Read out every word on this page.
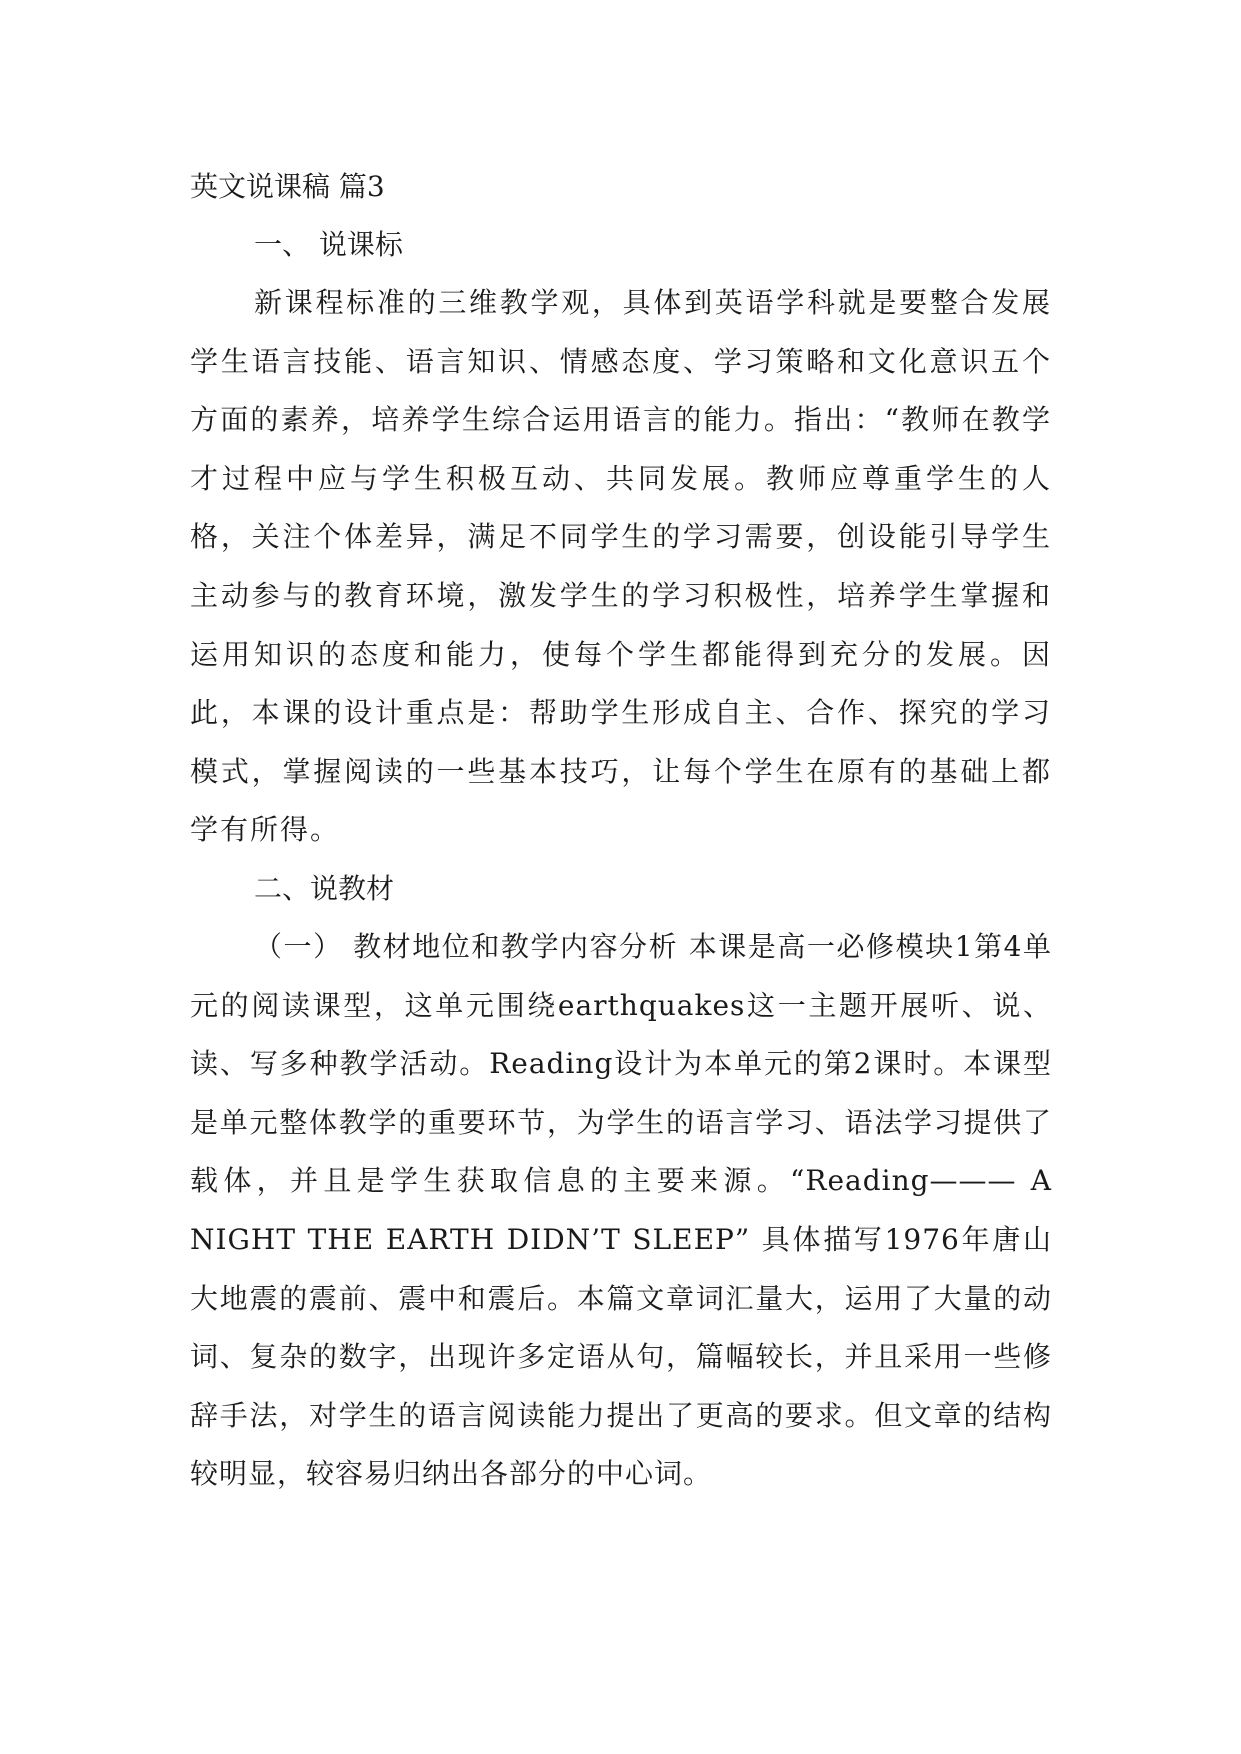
英文说课稿 篇3

一、 说课标

新课程标准的三维教学观，具体到英语学科就是要整合发展学生语言技能、语言知识、情感态度、学习策略和文化意识五个方面的素养，培养学生综合运用语言的能力。指出：“教师在教学才过程中应与学生积极互动、共同发展。教师应尊重学生的人格，关注个体差异，满足不同学生的学习需要，创设能引导学生主动参与的教育环境，激发学生的学习积极性，培养学生掌握和运用知识的态度和能力，使每个学生都能得到充分的发展。因此，本课的设计重点是：帮助学生形成自主、合作、探究的学习模式，掌握阅读的一些基本技巧，让每个学生在原有的基础上都学有所得。

二、说教材

（一） 教材地位和教学内容分析 本课是高一必修模块1第4单元的阅读课型，这单元围绕earthquakes这一主题开展听、说、读、写多种教学活动。Reading设计为本单元的第2课时。本课型是单元整体教学的重要环节，为学生的语言学习、语法学习提供了载体，并且是学生获取信息的主要来源。“Reading——— A NIGHT THE EARTH DIDN’T SLEEP” 具体描写1976年唐山大地震的震前、震中和震后。本篇文章词汇量大，运用了大量的动词、复杂的数字，出现许多定语从句，篇幅较长，并且采用一些修辞手法，对学生的语言阅读能力提出了更高的要求。但文章的结构较明显，较容易归纳出各部分的中心词。
